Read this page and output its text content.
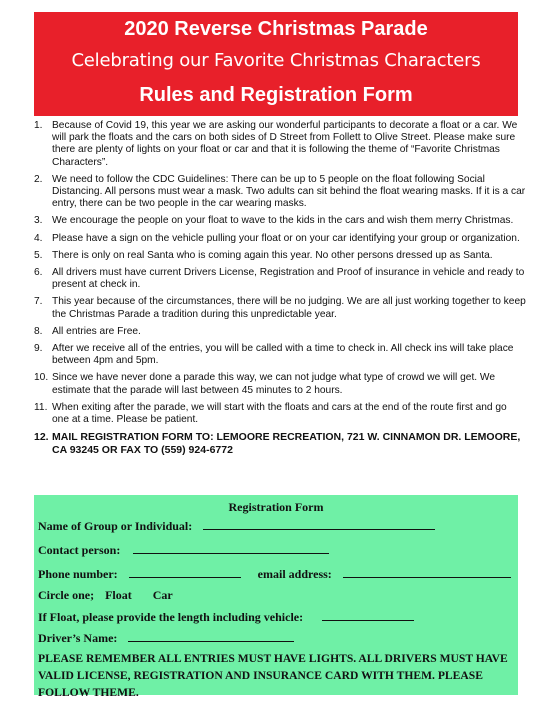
2020 Reverse Christmas Parade
Celebrating our Favorite Christmas Characters
Rules and Registration Form
1. Because of Covid 19, this year we are asking our wonderful participants to decorate a float or a car. We will park the floats and the cars on both sides of D Street from Follett to Olive Street. Please make sure there are plenty of lights on your float or car and that it is following the theme of “Favorite Christmas Characters”.
2. We need to follow the CDC Guidelines: There can be up to 5 people on the float following Social Distancing. All persons must wear a mask. Two adults can sit behind the float wearing masks. If it is a car entry, there can be two people in the car wearing masks.
3. We encourage the people on your float to wave to the kids in the cars and wish them merry Christmas.
4. Please have a sign on the vehicle pulling your float or on your car identifying your group or organization.
5. There is only on real Santa who is coming again this year. No other persons dressed up as Santa.
6. All drivers must have current Drivers License, Registration and Proof of insurance in vehicle and ready to present at check in.
7. This year because of the circumstances, there will be no judging. We are all just working together to keep the Christmas Parade a tradition during this unpredictable year.
8. All entries are Free.
9. After we receive all of the entries, you will be called with a time to check in. All check ins will take place between 4pm and 5pm.
10. Since we have never done a parade this way, we can not judge what type of crowd we will get. We estimate that the parade will last between 45 minutes to 2 hours.
11. When exiting after the parade, we will start with the floats and cars at the end of the route first and go one at a time. Please be patient.
12. MAIL REGISTRATION FORM TO: LEMOORE RECREATION, 721 W. CINNAMON DR. LEMOORE, CA 93245 OR FAX TO (559) 924-6772
Registration Form
Name of Group or Individual:
Contact person:
Phone number:	email address:
Circle one; Float Car
If Float, please provide the length including vehicle:
Driver’s Name:
PLEASE REMEMBER ALL ENTRIES MUST HAVE LIGHTS. ALL DRIVERS MUST HAVE VALID LICENSE, REGISTRATION AND INSURANCE CARD WITH THEM. PLEASE FOLLOW THEME.
